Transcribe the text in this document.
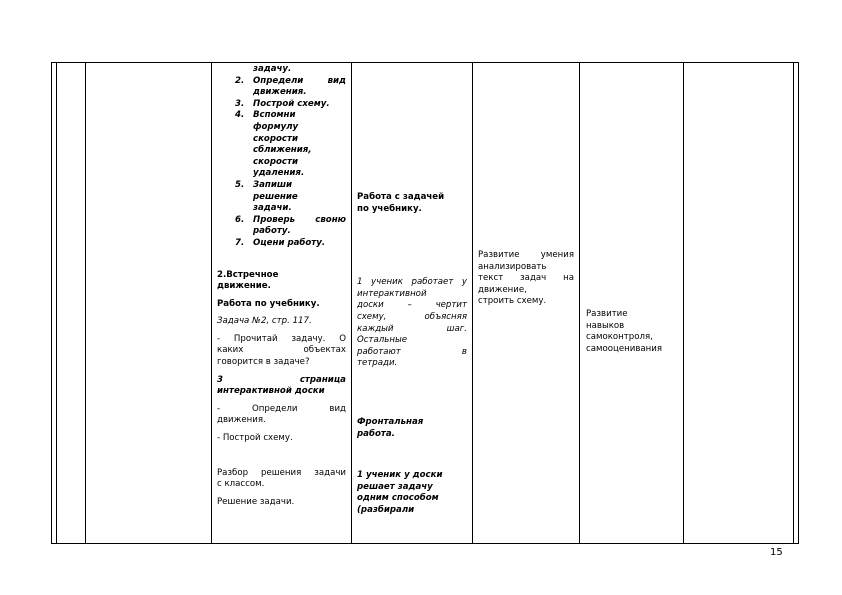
задачу.
2. Определи вид
движения.
3. Построй схему.
4. Вспомни
формулу
скорости
сближения,
скорости
удаления.
5. Запиши
решение
задачи.
6. Проверь своню
работу.
7. Оцени работу.
2.Встречное
движение.

Работа по учебнику.

Задача №2, стр. 117.

- Прочитай задачу. О
каких объектах
говорится в задаче?
3 страница
интерактивной доски
- Определи вид
движения.

- Построй схему.

Разбор решения задачи
с классом.

Решение задачи.

Работа с задачей
по учебнику.
1 ученик работает у
интерактивной
доски – чертит
схему, объясняя
каждый шаг.
Остальные
работают в
тетради.
Фронтальная
работа.
1 ученик у доски
решает задачу
одним способом
(разбирали
Развитие умения
анализировать
текст задач на
движение,
строить схему.
Развитие
навыков
самоконтроля,
самооценивания
15
